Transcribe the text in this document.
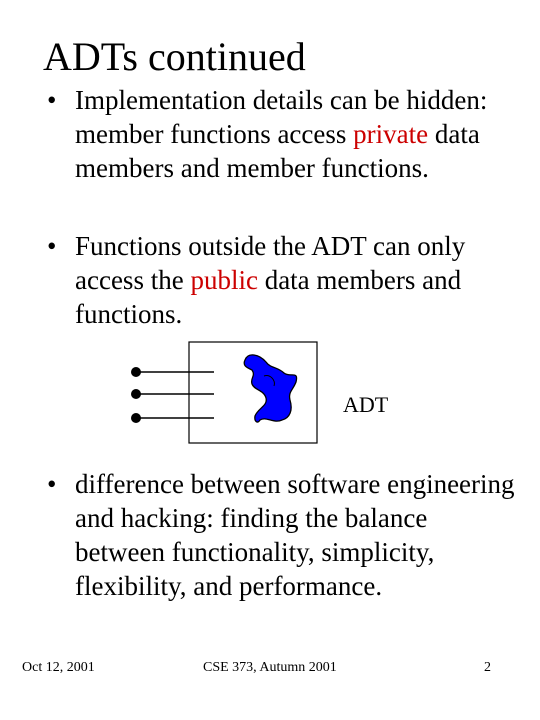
ADTs continued
• Implementation details can be hidden: member functions access private data members and member functions.
• Functions outside the ADT can only access the public data members and functions.
ADT
• difference between software engineering and hacking: finding the balance between functionality, simplicity, flexibility, and performance.
Oct 12, 2001	CSE 373, Autumn 2001	2
